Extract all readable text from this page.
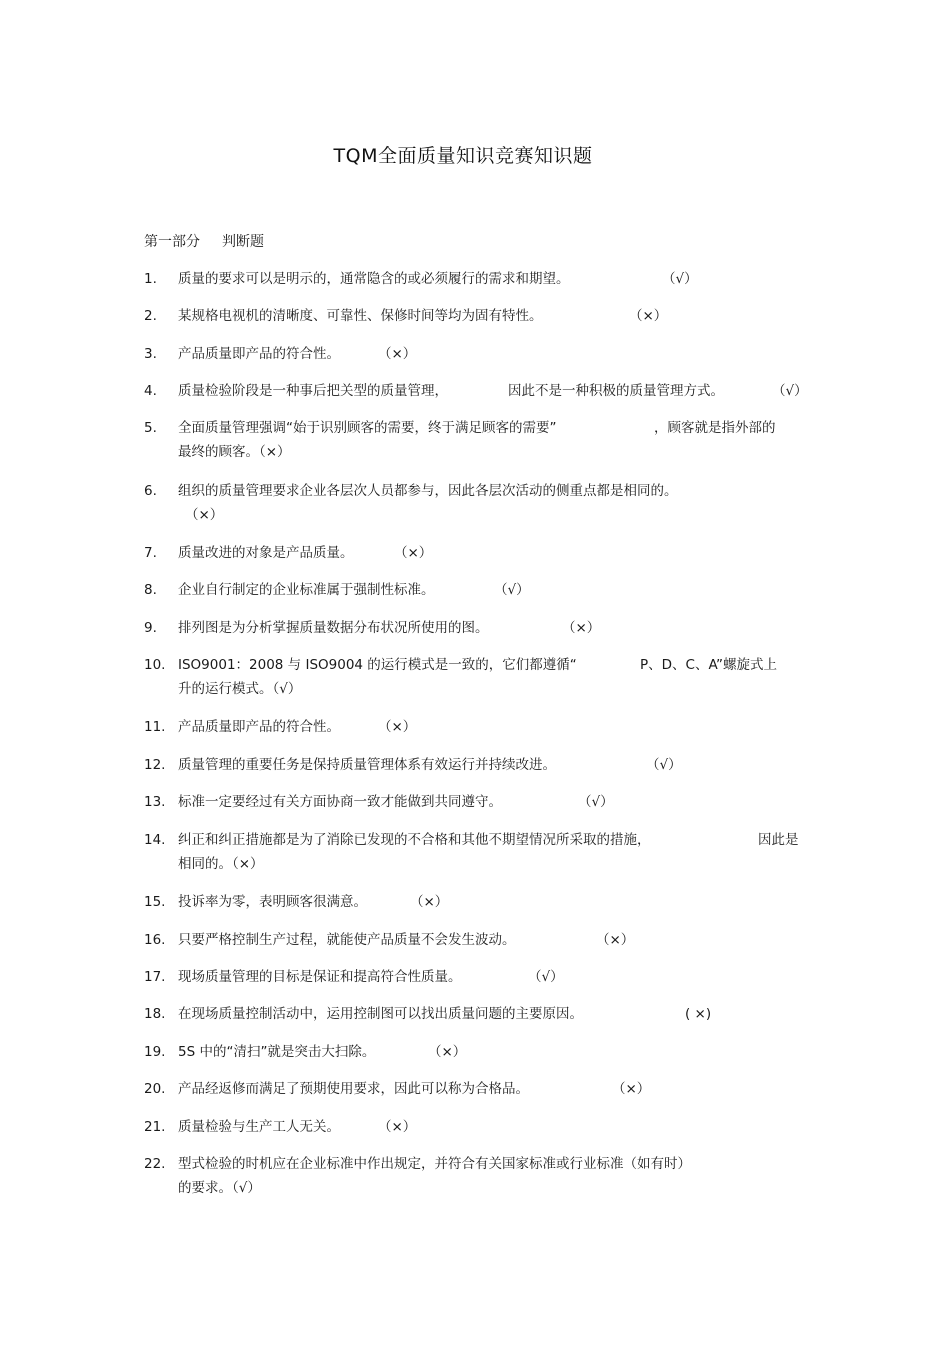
TQM全面质量知识竞赛知识题
第一部分 判断题
1.	质量的要求可以是明示的，通常隐含的或必须履行的需求和期望。	（√）
2.	某规格电视机的清晰度、可靠性、保修时间等均为固有特性。	（×）
3.	产品质量即产品的符合性。	（×）
4.	质量检验阶段是一种事后把关型的质量管理，	因此不是一种积极的质量管理方式。	（√）
5.	全面质量管理强调“始于识别顾客的需要，终于满足顾客的需要”	，顾客就是指外部的
最终的顾客。（×）
6.	组织的质量管理要求企业各层次人员都参与，因此各层次活动的侧重点都是相同的。
（×）
7.	质量改进的对象是产品质量。	（×）
8.	企业自行制定的企业标准属于强制性标准。	（√）
9.	排列图是为分析掌握质量数据分布状况所使用的图。	（×）
10. ISO9001：2008 与 ISO9004 的运行模式是一致的，它们都遵循“	P、D、C、A”螺旋式上
升的运行模式。（√）
11. 产品质量即产品的符合性。	（×）
12. 质量管理的重要任务是保持质量管理体系有效运行并持续改进。	（√）
13. 标准一定要经过有关方面协商一致才能做到共同遵守。	（√）
14. 纠正和纠正措施都是为了消除已发现的不合格和其他不期望情况所采取的措施，	因此是
相同的。（×）
15. 投诉率为零，表明顾客很满意。	（×）
16. 只要严格控制生产过程，就能使产品质量不会发生波动。	（×）
17. 现场质量管理的目标是保证和提高符合性质量。	（√）
18. 在现场质量控制活动中，运用控制图可以找出质量问题的主要原因。	( ×)
19. 5S 中的“清扫”就是突击大扫除。	（×）
20. 产品经返修而满足了预期使用要求，因此可以称为合格品。	（×）
21. 质量检验与生产工人无关。	（×）
22. 型式检验的时机应在企业标准中作出规定，并符合有关国家标准或行业标准（如有时）
的要求。（√）
